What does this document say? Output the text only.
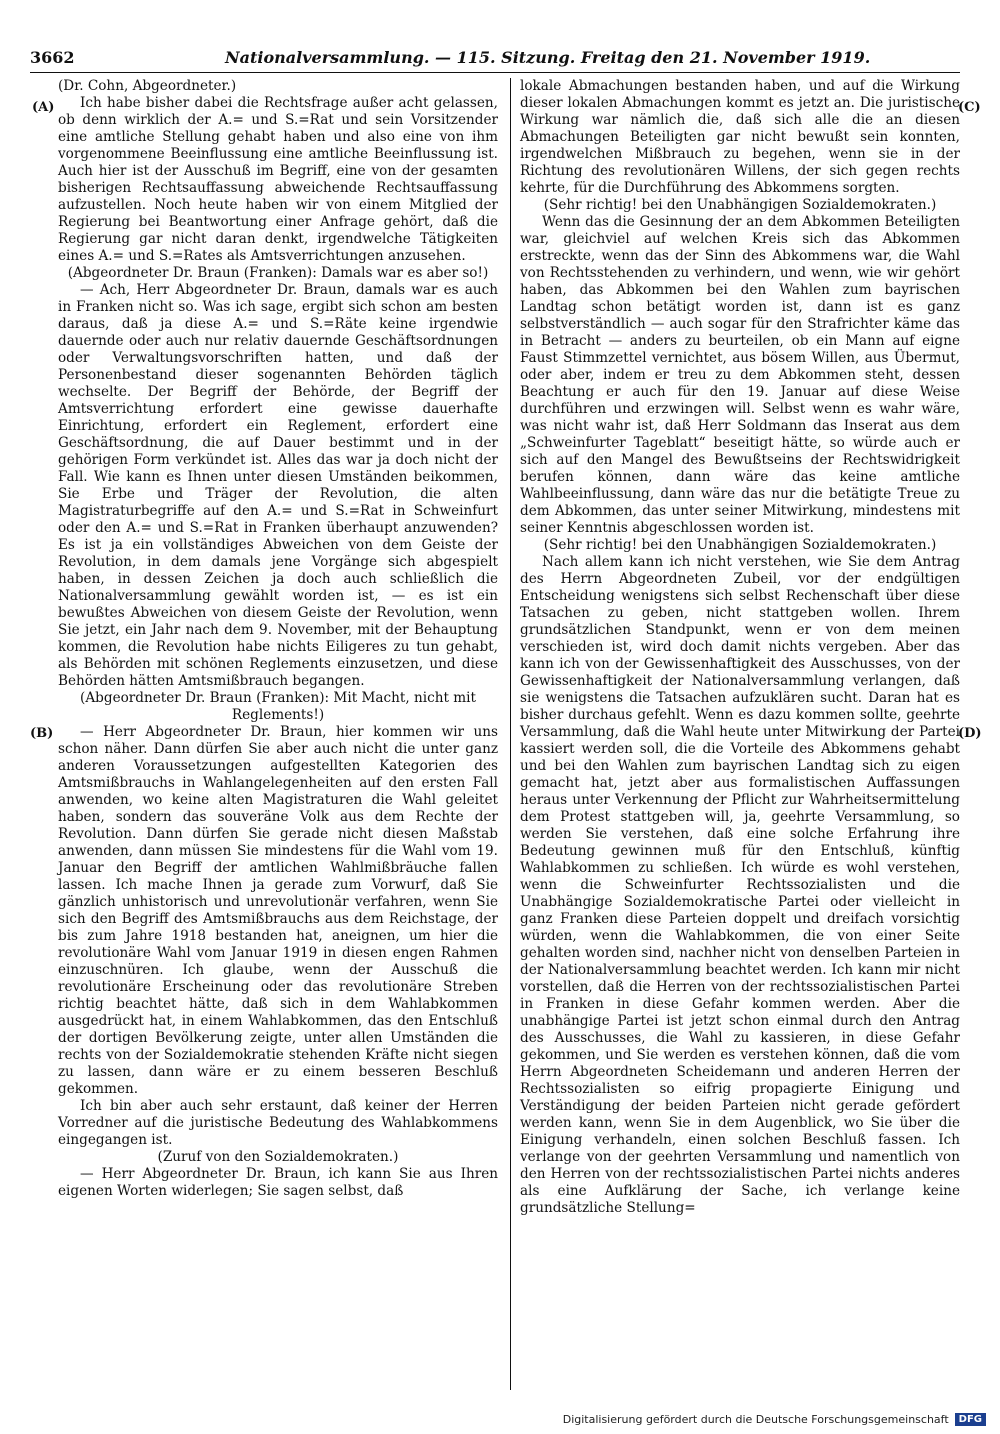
3662	Nationalversammlung. — 115. Sitzung. Freitag den 21. November 1919.
(A)
(B)
(C)
(D)

(Dr. Cohn, Abgeordneter.)

Ich habe bisher dabei die Rechtsfrage außer acht gelassen, ob denn wirklich der A.= und S.=Rat und sein Vorsitzender eine amtliche Stellung gehabt haben und also eine von ihm vorgenommene Beeinflussung eine amtliche Beeinflussung ist. Auch hier ist der Ausschuß im Begriff, eine von der gesamten bisherigen Rechtsauffassung abweichende Rechtsauffassung aufzustellen. Noch heute haben wir von einem Mitglied der Regierung bei Beantwortung einer Anfrage gehört, daß die Regierung gar nicht daran denkt, irgendwelche Tätigkeiten eines A.= und S.=Rates als Amtsverrichtungen anzusehen.

(Abgeordneter Dr. Braun (Franken): Damals war es aber so!)

— Ach, Herr Abgeordneter Dr. Braun, damals war es auch in Franken nicht so. Was ich sage, ergibt sich schon am besten daraus, daß ja diese A.= und S.=Räte keine irgendwie dauernde oder auch nur relativ dauernde Geschäftsordnungen oder Verwaltungsvorschriften hatten, und daß der Personenbestand dieser sogenannten Behörden täglich wechselte. Der Begriff der Behörde, der Begriff der Amtsverrichtung erfordert eine gewisse dauerhafte Einrichtung, erfordert ein Reglement, erfordert eine Geschäftsordnung, die auf Dauer bestimmt und in der gehörigen Form verkündet ist. Alles das war ja doch nicht der Fall. Wie kann es Ihnen unter diesen Umständen beikommen, Sie Erbe und Träger der Revolution, die alten Magistraturbegriffe auf den A.= und S.=Rat in Schweinfurt oder den A.= und S.=Rat in Franken überhaupt anzuwenden? Es ist ja ein vollständiges Abweichen von dem Geiste der Revolution, in dem damals jene Vorgänge sich abgespielt haben, in dessen Zeichen ja doch auch schließlich die Nationalversammlung gewählt worden ist, — es ist ein bewußtes Abweichen von diesem Geiste der Revolution, wenn Sie jetzt, ein Jahr nach dem 9. November, mit der Behauptung kommen, die Revolution habe nichts Eiligeres zu tun gehabt, als Behörden mit schönen Reglements einzusetzen, und diese Behörden hätten Amtsmißbrauch begangen.

(Abgeordneter Dr. Braun (Franken): Mit Macht, nicht mit Reglements!)

— Herr Abgeordneter Dr. Braun, hier kommen wir uns schon näher. Dann dürfen Sie aber auch nicht die unter ganz anderen Voraussetzungen aufgestellten Kategorien des Amtsmißbrauchs in Wahlangelegenheiten auf den ersten Fall anwenden, wo keine alten Magistraturen die Wahl geleitet haben, sondern das souveräne Volk aus dem Rechte der Revolution. Dann dürfen Sie gerade nicht diesen Maßstab anwenden, dann müssen Sie mindestens für die Wahl vom 19. Januar den Begriff der amtlichen Wahlmißbräuche fallen lassen. Ich mache Ihnen ja gerade zum Vorwurf, daß Sie gänzlich unhistorisch und unrevolutionär verfahren, wenn Sie sich den Begriff des Amtsmißbrauchs aus dem Reichstage, der bis zum Jahre 1918 bestanden hat, aneignen, um hier die revolutionäre Wahl vom Januar 1919 in diesen engen Rahmen einzuschnüren. Ich glaube, wenn der Ausschuß die revolutionäre Erscheinung oder das revolutionäre Streben richtig beachtet hätte, daß sich in dem Wahlabkommen ausgedrückt hat, in einem Wahlabkommen, das den Entschluß der dortigen Bevölkerung zeigte, unter allen Umständen die rechts von der Sozialdemokratie stehenden Kräfte nicht siegen zu lassen, dann wäre er zu einem besseren Beschluß gekommen.

Ich bin aber auch sehr erstaunt, daß keiner der Herren Vorredner auf die juristische Bedeutung des Wahlabkommens eingegangen ist.

(Zuruf von den Sozialdemokraten.)

— Herr Abgeordneter Dr. Braun, ich kann Sie aus Ihren eigenen Worten widerlegen; Sie sagen selbst, daß

lokale Abmachungen bestanden haben, und auf die Wirkung dieser lokalen Abmachungen kommt es jetzt an. Die juristische Wirkung war nämlich die, daß sich alle die an diesen Abmachungen Beteiligten gar nicht bewußt sein konnten, irgendwelchen Mißbrauch zu begehen, wenn sie in der Richtung des revolutionären Willens, der sich gegen rechts kehrte, für die Durchführung des Abkommens sorgten.

(Sehr richtig! bei den Unabhängigen Sozialdemokraten.)

Wenn das die Gesinnung der an dem Abkommen Beteiligten war, gleichviel auf welchen Kreis sich das Abkommen erstreckte, wenn das der Sinn des Abkommens war, die Wahl von Rechtsstehenden zu verhindern, und wenn, wie wir gehört haben, das Abkommen bei den Wahlen zum bayrischen Landtag schon betätigt worden ist, dann ist es ganz selbstverständlich — auch sogar für den Strafrichter käme das in Betracht — anders zu beurteilen, ob ein Mann auf eigne Faust Stimmzettel vernichtet, aus bösem Willen, aus Übermut, oder aber, indem er treu zu dem Abkommen steht, dessen Beachtung er auch für den 19. Januar auf diese Weise durchführen und erzwingen will. Selbst wenn es wahr wäre, was nicht wahr ist, daß Herr Soldmann das Inserat aus dem „Schweinfurter Tageblatt“ beseitigt hätte, so würde auch er sich auf den Mangel des Bewußtseins der Rechtswidrigkeit berufen können, dann wäre das keine amtliche Wahlbeeinflussung, dann wäre das nur die betätigte Treue zu dem Abkommen, das unter seiner Mitwirkung, mindestens mit seiner Kenntnis abgeschlossen worden ist.

(Sehr richtig! bei den Unabhängigen Sozialdemokraten.)

Nach allem kann ich nicht verstehen, wie Sie dem Antrag des Herrn Abgeordneten Zubeil, vor der endgültigen Entscheidung wenigstens sich selbst Rechenschaft über diese Tatsachen zu geben, nicht stattgeben wollen. Ihrem grundsätzlichen Standpunkt, wenn er von dem meinen verschieden ist, wird doch damit nichts vergeben. Aber das kann ich von der Gewissenhaftigkeit des Ausschusses, von der Gewissenhaftigkeit der Nationalversammlung verlangen, daß sie wenigstens die Tatsachen aufzuklären sucht. Daran hat es bisher durchaus gefehlt. Wenn es dazu kommen sollte, geehrte Versammlung, daß die Wahl heute unter Mitwirkung der Partei kassiert werden soll, die die Vorteile des Abkommens gehabt und bei den Wahlen zum bayrischen Landtag sich zu eigen gemacht hat, jetzt aber aus formalistischen Auffassungen heraus unter Verkennung der Pflicht zur Wahrheitsermittelung dem Protest stattgeben will, ja, geehrte Versammlung, so werden Sie verstehen, daß eine solche Erfahrung ihre Bedeutung gewinnen muß für den Entschluß, künftig Wahlabkommen zu schließen. Ich würde es wohl verstehen, wenn die Schweinfurter Rechtssozialisten und die Unabhängige Sozialdemokratische Partei oder vielleicht in ganz Franken diese Parteien doppelt und dreifach vorsichtig würden, wenn die Wahlabkommen, die von einer Seite gehalten worden sind, nachher nicht von denselben Parteien in der Nationalversammlung beachtet werden. Ich kann mir nicht vorstellen, daß die Herren von der rechtssozialistischen Partei in Franken in diese Gefahr kommen werden. Aber die unabhängige Partei ist jetzt schon einmal durch den Antrag des Ausschusses, die Wahl zu kassieren, in diese Gefahr gekommen, und Sie werden es verstehen können, daß die vom Herrn Abgeordneten Scheidemann und anderen Herren der Rechtssozialisten so eifrig propagierte Einigung und Verständigung der beiden Parteien nicht gerade gefördert werden kann, wenn Sie in dem Augenblick, wo Sie über die Einigung verhandeln, einen solchen Beschluß fassen. Ich verlange von der geehrten Versammlung und namentlich von den Herren von der rechtssozialistischen Partei nichts anderes als eine Aufklärung der Sache, ich verlange keine grundsätzliche Stellung=

Digitalisierung gefördert durch die Deutsche Forschungsgemeinschaft	DFG
